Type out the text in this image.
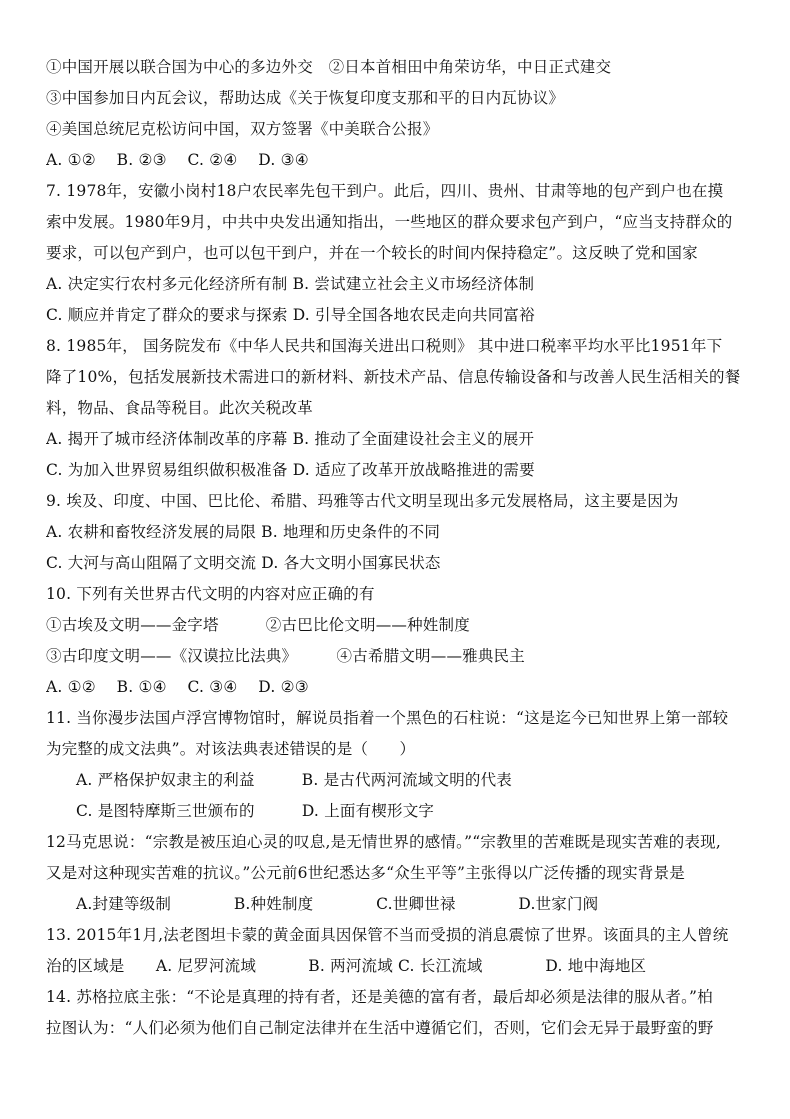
①中国开展以联合国为中心的多边外交　②日本首相田中角荣访华，中日正式建交
③中国参加日内瓦会议，帮助达成《关于恢复印度支那和平的日内瓦协议》
④美国总统尼克松访问中国，双方签署《中美联合公报》
A. ①②　 B. ②③　 C. ②④　 D. ③④
7. 1978年，安徽小岗村18户农民率先包干到户。此后，四川、贵州、甘肃等地的包产到户也在摸
索中发展。1980年9月，中共中央发出通知指出，一些地区的群众要求包产到户，“应当支持群众的
要求，可以包产到户，也可以包干到户，并在一个较长的时间内保持稳定”。这反映了党和国家
A. 决定实行农村多元化经济所有制 B. 尝试建立社会主义市场经济体制
C. 顺应并肯定了群众的要求与探索 D. 引导全国各地农民走向共同富裕
8. 1985年， 国务院发布《中华人民共和国海关进出口税则》 其中进口税率平均水平比1951年下
降了10%，包括发展新技术需进口的新材料、新技术产品、信息传输设备和与改善人民生活相关的餐
料，物品、食品等税目。此次关税改革
A. 揭开了城市经济体制改革的序幕 B. 推动了全面建设社会主义的展开
C. 为加入世界贸易组织做积极准备 D. 适应了改革开放战略推进的需要
9. 埃及、印度、中国、巴比伦、希腊、玛雅等古代文明呈现出多元发展格局，这主要是因为
A. 农耕和畜牧经济发展的局限 B. 地理和历史条件的不同
C. 大河与高山阻隔了文明交流 D. 各大文明小国寡民状态
10. 下列有关世界古代文明的内容对应正确的有
①古埃及文明——金字塔　　　②古巴比伦文明——种姓制度
③古印度文明——《汉谟拉比法典》　　　④古希腊文明——雅典民主
A. ①②　 B. ①④　 C. ③④　 D. ②③
11. 当你漫步法国卢浮宫博物馆时，解说员指着一个黑色的石柱说：“这是迄今已知世界上第一部较
为完整的成文法典”。对该法典表述错误的是（　　）
A. 严格保护奴隶主的利益　　　B. 是古代两河流域文明的代表
C. 是图特摩斯三世颁布的　　　D. 上面有楔形文字
12马克思说：“宗教是被压迫心灵的叹息,是无情世界的感情。”“宗教里的苦难既是现实苦难的表现,
又是对这种现实苦难的抗议。”公元前6世纪悉达多“众生平等”主张得以广泛传播的现实背景是
A.封建等级制　　　　B.种姓制度　　　　C.世卿世禄　　　　D.世家门阀
13. 2015年1月,法老图坦卡蒙的黄金面具因保管不当而受损的消息震惊了世界。该面具的主人曾统
治的区域是　　A. 尼罗河流域　　　 B. 两河流域 C. 长江流域　　　　D. 地中海地区
14. 苏格拉底主张：“不论是真理的持有者，还是美德的富有者，最后却必须是法律的服从者。”柏
拉图认为：“人们必须为他们自己制定法律并在生活中遵循它们，否则，它们会无异于最野蛮的野
